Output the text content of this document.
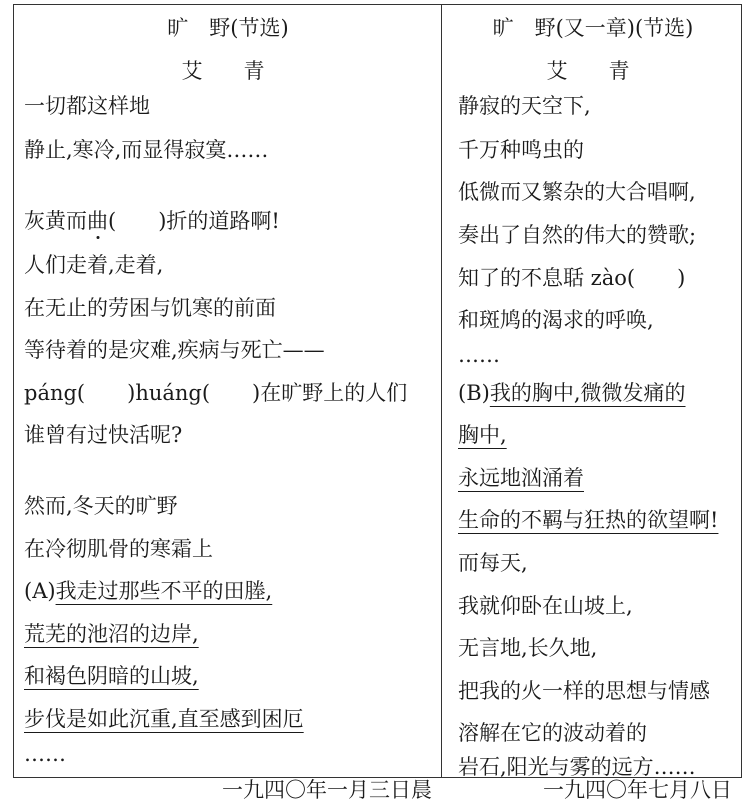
旷　野(节选)
艾　青
一切都这样地
静止,寒冷,而显得寂寞……
灰黄而曲(　　)折的道路啊!
人们走着,走着,
在无止的劳困与饥寒的前面
等待着的是灾难,疾病与死亡——
páng(　　)huáng(　　)在旷野上的人们
谁曾有过快活呢?
然而,冬天的旷野
在冷彻肌骨的寒霜上
(A)我走过那些不平的田塍,
荒芜的池沼的边岸,
和褐色阴暗的山坡,
步伐是如此沉重,直至感到困厄
……
一九四〇年一月三日晨
旷　野(又一章)(节选)
艾　青
静寂的天空下,
千万种鸣虫的
低微而又繁杂的大合唱啊,
奏出了自然的伟大的赞歌;
知了的不息聒 zào(　　)
和斑鸠的渴求的呼唤,
……
(B)我的胸中,微微发痛的
胸中,
永远地汹涌着
生命的不羁与狂热的欲望啊!
而每天,
我就仰卧在山坡上,
无言地,长久地,
把我的火一样的思想与情感
溶解在它的波动着的
岩石,阳光与雾的远方……
一九四〇年七月八日
